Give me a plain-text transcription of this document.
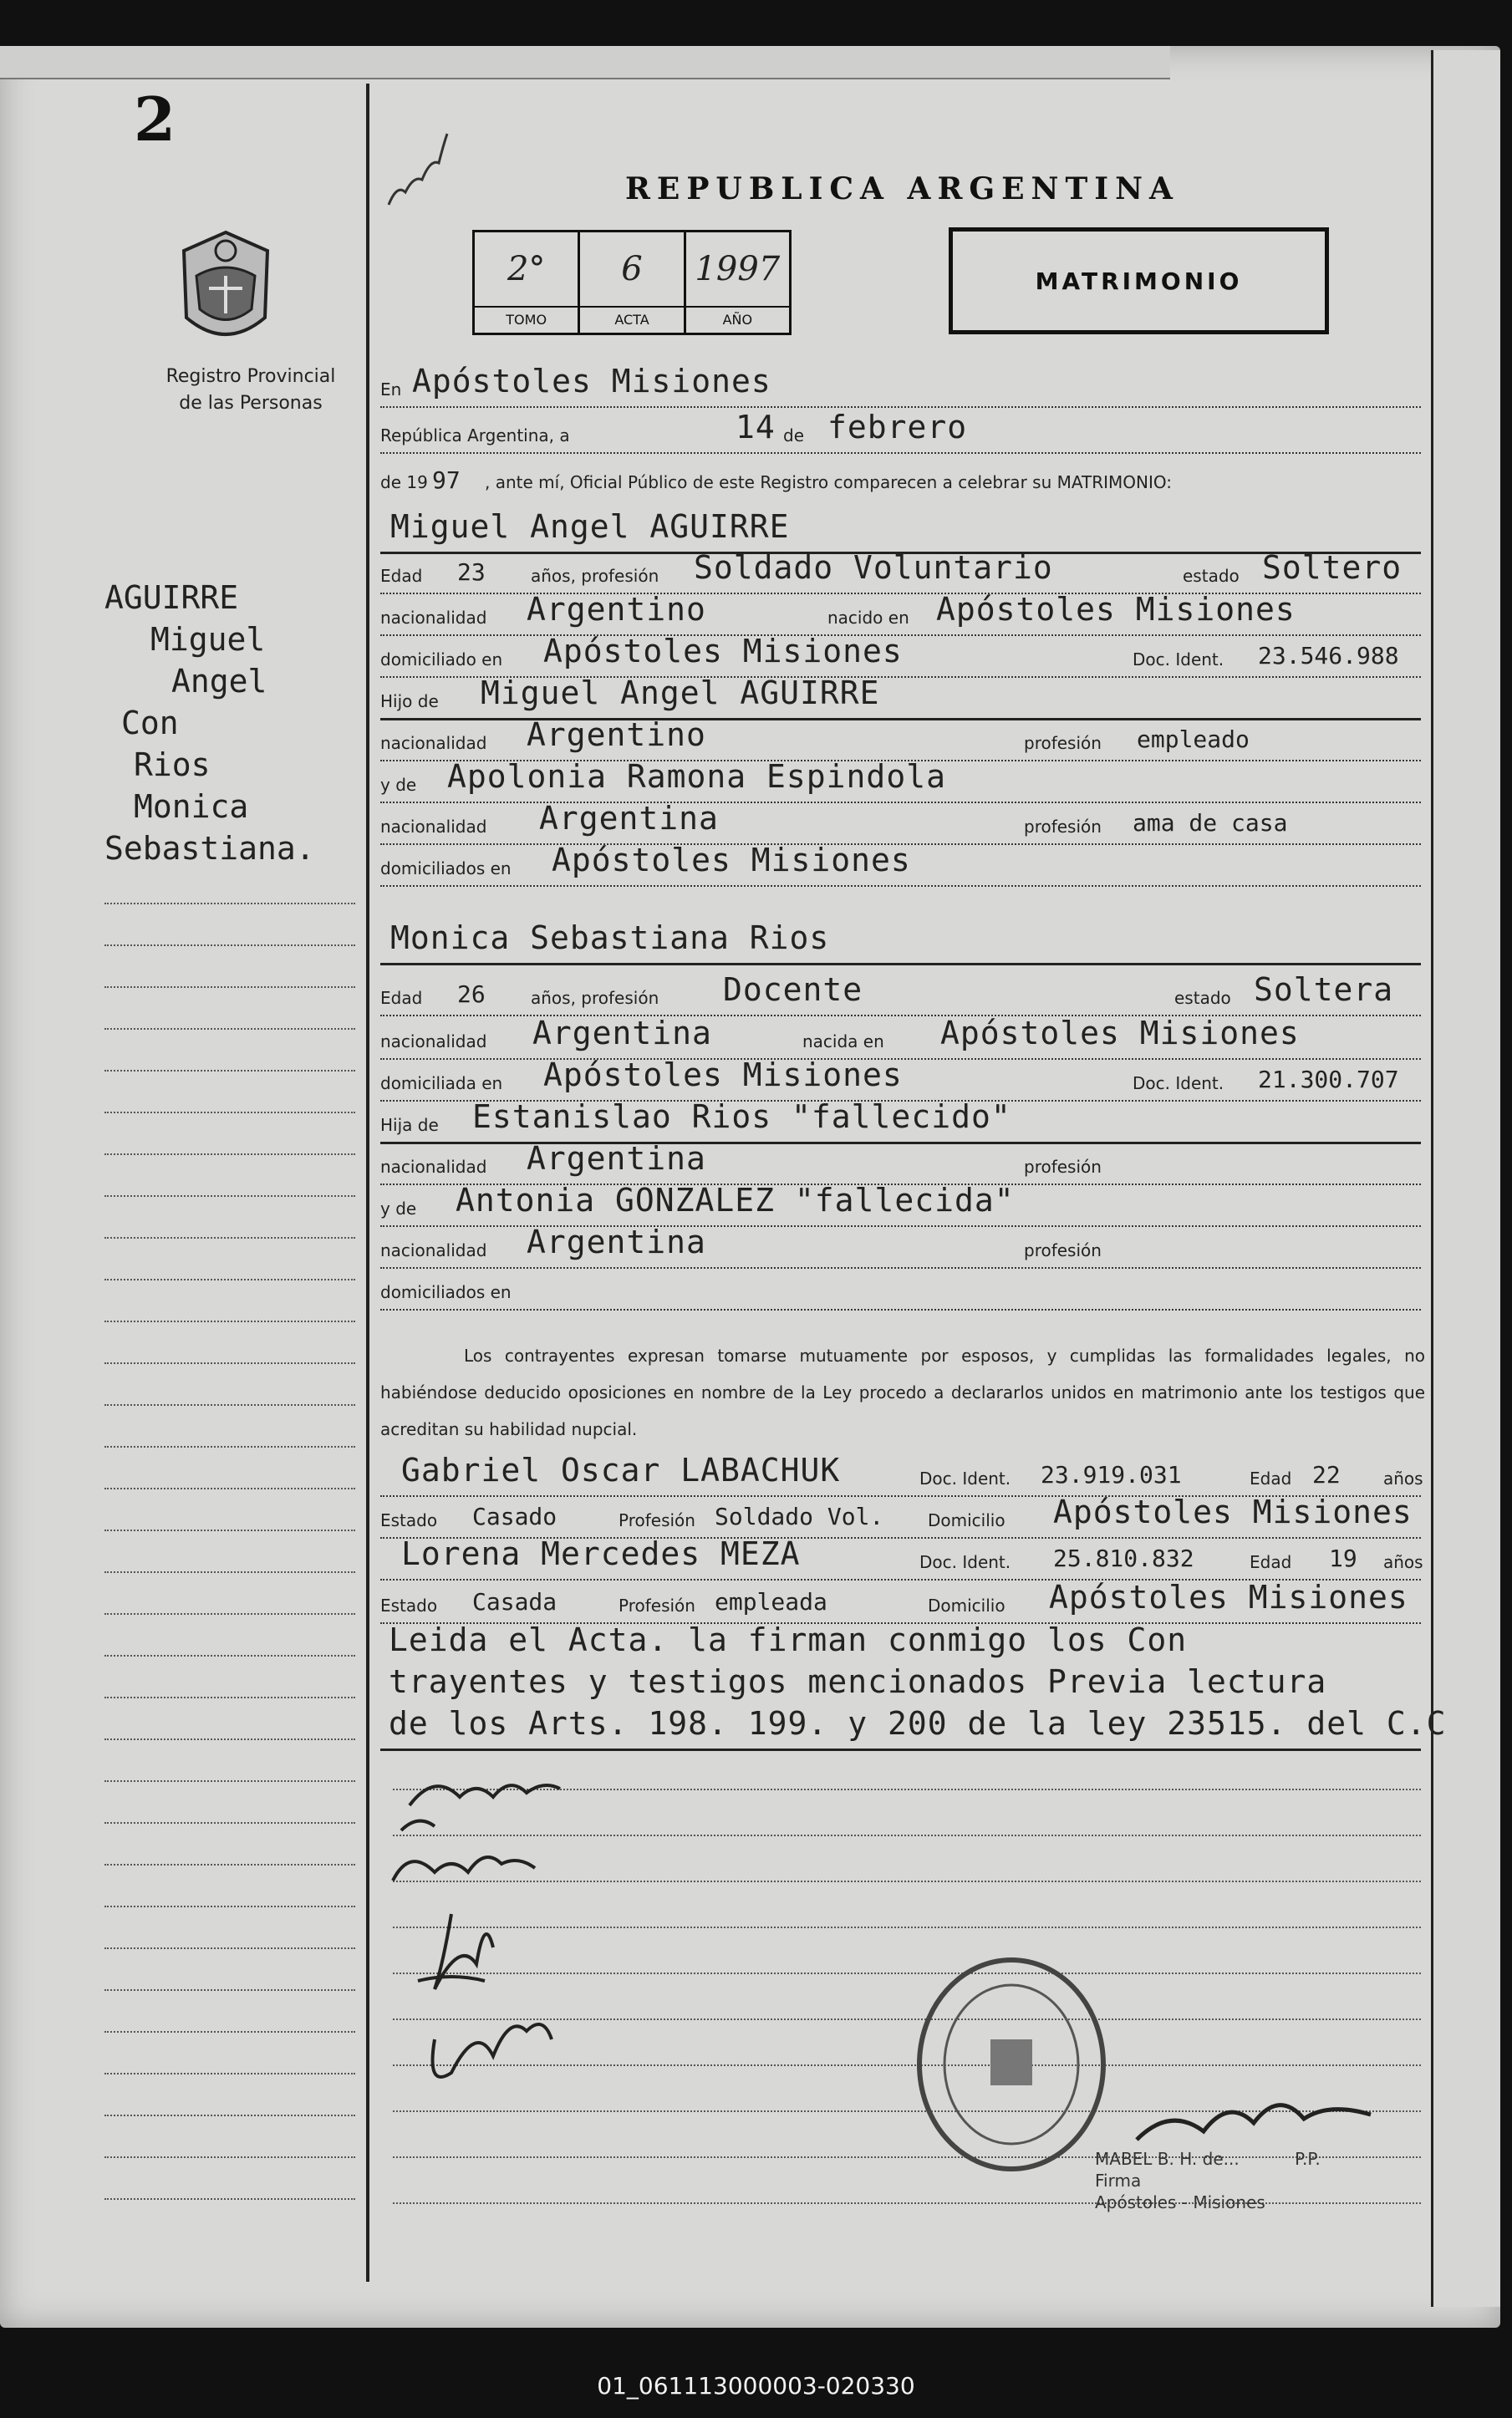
2
Registro Provincial
de las Personas
REPUBLICA ARGENTINA
2°
TOMO
6
ACTA
1997
AÑO
MATRIMONIO
En Apóstoles Misiones
República Argentina, a	14 de febrero
de 19 97 , ante mí, Oficial Público de este Registro comparecen a celebrar su MATRIMONIO:
Miguel Angel AGUIRRE
Edad 23	años, profesión Soldado Voluntario	estado Soltero
nacionalidad Argentino	nacido en Apóstoles Misiones
domiciliado en Apóstoles Misiones	Doc. Ident. 23.546.988
Hijo de Miguel Angel AGUIRRE
nacionalidad Argentino	profesión empleado
y de Apolonia Ramona Espindola
nacionalidad Argentina	profesión ama de casa
domiciliados en Apóstoles Misiones
Monica Sebastiana Rios
Edad 26	años, profesión Docente	estado Soltera
nacionalidad Argentina	nacida en Apóstoles Misiones
domiciliada en Apóstoles Misiones	Doc. Ident. 21.300.707
Hija de Estanislao Rios "fallecido"
nacionalidad Argentina	profesión
y de Antonia GONZALEZ "fallecida"
nacionalidad Argentina	profesión
domiciliados en
Los contrayentes expresan tomarse mutuamente por esposos, y cumplidas las formalidades legales, no habiéndose deducido oposiciones en nombre de la Ley procedo a declararlos unidos en matrimonio ante los testigos que acreditan su habilidad nupcial.
Gabriel Oscar LABACHUK	Doc. Ident. 23.919.031	Edad 22	años
Estado Casado	Profesión Soldado Vol.	Domicilio Apóstoles Misiones
Lorena Mercedes MEZA	Doc. Ident. 25.810.832	Edad 19 años
Estado Casada	Profesión empleada	Domicilio Apóstoles Misiones
Leida el Acta. la firman conmigo los Con
trayentes y testigos mencionados Previa lectura
de los Arts. 198. 199. y 200 de la ley 23515. del C.C
MABEL B. H. de...	P.P.
Firma
Apóstoles - Misiones
AGUIRRE
Miguel
Angel
Con
Rios
Monica
Sebastiana.
01_061113000003-020330
